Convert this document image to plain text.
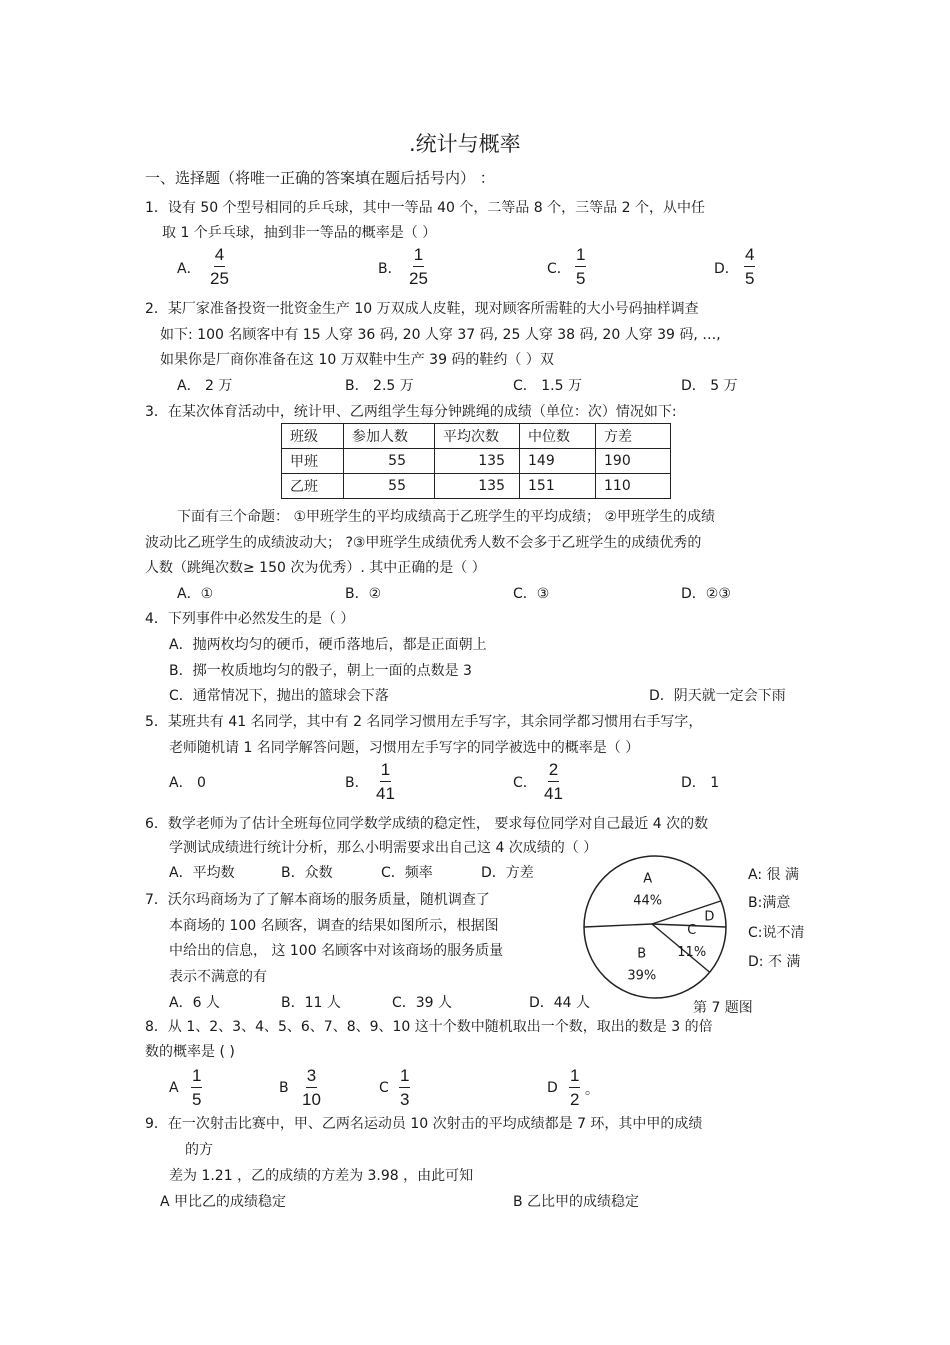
.统计与概率
一、选择题（将唯一正确的答案填在题后括号内） ：
1．设有 50 个型号相同的乒乓球，其中一等品 40 个，二等品 8 个，三等品 2 个，从中任
取 1 个乒乓球，抽到非一等品的概率是（ ）
A． $\frac{4}{25}$	B． $\frac{1}{25}$	C． $\frac{1}{5}$	D． $\frac{4}{5}$
2．某厂家准备投资一批资金生产 10 万双成人皮鞋，现对顾客所需鞋的大小号码抽样调查
如下: 100 名顾客中有 15 人穿 36 码, 20 人穿 37 码, 25 人穿 38 码, 20 人穿 39 码, …,
如果你是厂商你准备在这 10 万双鞋中生产 39 码的鞋约（ ）双
A． 2 万	B． 2.5 万	C． 1.5 万	D． 5 万
3．在某次体育活动中，统计甲、乙两组学生每分钟跳绳的成绩（单位：次）情况如下:
班级	参加人数	平均次数	中位数	方差
甲班	55	135	149	190
乙班	55	135	151	110
下面有三个命题： ①甲班学生的平均成绩高于乙班学生的平均成绩； ②甲班学生的成绩
波动比乙班学生的成绩波动大； ?③甲班学生成绩优秀人数不会多于乙班学生的成绩优秀的
人数（跳绳次数≥ 150 次为优秀）. 其中正确的是（ ）
A．①	B．②	C．③	D．②③
4．下列事件中必然发生的是（ ）
A．抛两枚均匀的硬币，硬币落地后，都是正面朝上
B．掷一枚质地均匀的骰子，朝上一面的点数是 3
C．通常情况下，抛出的篮球会下落	D．阴天就一定会下雨
5．某班共有 41 名同学，其中有 2 名同学习惯用左手写字，其余同学都习惯用右手写字，
老师随机请 1 名同学解答问题，习惯用左手写字的同学被选中的概率是（ ）
A． 0	B． $\frac{1}{41}$	C． $\frac{2}{41}$	D． 1
6．数学老师为了估计全班每位同学数学成绩的稳定性， 要求每位同学对自己最近 4 次的数
学测试成绩进行统计分析，那么小明需要求出自己这 4 次成绩的（ ）
A．平均数	B．众数	C．频率	D．方差
7．沃尔玛商场为了了解本商场的服务质量，随机调查了
本商场的 100 名顾客，调查的结果如图所示，根据图
中给出的信息， 这 100 名顾客中对该商场的服务质量
表示不满意的有
A．6 人	B．11 人	C．39 人	D．44 人
A
44%
D
C
11%
B
39%
第 7 题图
A: 很 满
B:满意
C:说不清
D: 不 满
8．从 1、2、3、4、5、6、7、8、9、10 这十个数中随机取出一个数，取出的数是 3 的倍
数的概率是 ( )
A $\frac{1}{5}$	B $\frac{3}{10}$	C $\frac{1}{3}$	D $\frac{1}{2}$ 。
9．在一次射击比赛中，甲、乙两名运动员 10 次射击的平均成绩都是 7 环，其中甲的成绩
的方
差为 1.21 ，乙的成绩的方差为 3.98 ，由此可知
A 甲比乙的成绩稳定	B 乙比甲的成绩稳定
